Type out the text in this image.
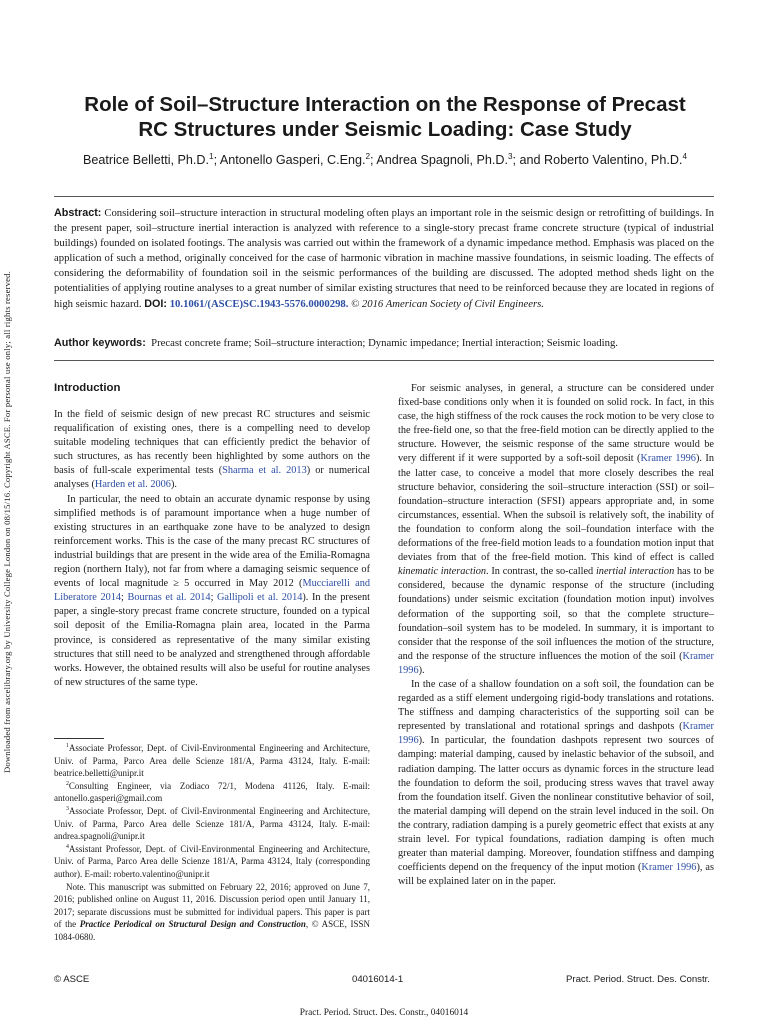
Downloaded from ascelibrary.org by University College London on 08/15/16. Copyright ASCE. For personal use only; all rights reserved.
Role of Soil–Structure Interaction on the Response of Precast
RC Structures under Seismic Loading: Case Study
Beatrice Belletti, Ph.D.$^1$; Antonello Gasperi, C.Eng.$^2$; Andrea Spagnoli, Ph.D.$^3$; and Roberto Valentino, Ph.D.$^4$
Abstract: Considering soil–structure interaction in structural modeling often plays an important role in the seismic design or retrofitting of buildings. In the present paper, soil–structure inertial interaction is analyzed with reference to a single-story precast frame concrete structure (typical of industrial buildings) founded on isolated footings. The analysis was carried out within the framework of a dynamic impedance method. Emphasis was placed on the application of such a method, originally conceived for the case of harmonic vibration in machine massive foundations, in seismic loading. The effects of considering the deformability of foundation soil in the seismic performances of the building are discussed. The adopted method sheds light on the potentialities of applying routine analyses to a great number of similar existing structures that need to be reinforced because they are located in regions of high seismic hazard. DOI: 10.1061/(ASCE)SC.1943-5576.0000298. © 2016 American Society of Civil Engineers.
Author keywords: Precast concrete frame; Soil–structure interaction; Dynamic impedance; Inertial interaction; Seismic loading.
Introduction

In the field of seismic design of new precast RC structures and seismic requalification of existing ones, there is a compelling need to develop suitable modeling techniques that can efficiently predict the behavior of such structures, as has recently been highlighted by some authors on the basis of full-scale experimental tests (Sharma et al. 2013) or numerical analyses (Harden et al. 2006).

In particular, the need to obtain an accurate dynamic response by using simplified methods is of paramount importance when a huge number of existing structures in an earthquake zone have to be analyzed to design reinforcement works. This is the case of the many precast RC structures of industrial buildings that are present in the wide area of the Emilia-Romagna region (northern Italy), not far from where a damaging seismic sequence of events of local magnitude ≥ 5 occurred in May 2012 (Mucciarelli and Liberatore 2014; Bournas et al. 2014; Gallipoli et al. 2014). In the present paper, a single-story precast frame concrete structure, founded on a typical soil deposit of the Emilia-Romagna plain area, located in the Parma province, is considered as representative of the many similar existing structures that still need to be analyzed and strengthened through affordable works. However, the obtained results will also be useful for routine analyses of new structures of the same type.

$^1$Associate Professor, Dept. of Civil-Environmental Engineering and Architecture, Univ. of Parma, Parco Area delle Scienze 181/A, Parma 43124, Italy. E-mail: beatrice.belletti@unipr.it

$^2$Consulting Engineer, via Zodiaco 72/1, Modena 41126, Italy. E-mail: antonello.gasperi@gmail.com

$^3$Associate Professor, Dept. of Civil-Environmental Engineering and Architecture, Univ. of Parma, Parco Area delle Scienze 181/A, Parma 43124, Italy. E-mail: andrea.spagnoli@unipr.it

$^4$Assistant Professor, Dept. of Civil-Environmental Engineering and Architecture, Univ. of Parma, Parco Area delle Scienze 181/A, Parma 43124, Italy (corresponding author). E-mail: roberto.valentino@unipr.it

Note. This manuscript was submitted on February 22, 2016; approved on June 7, 2016; published online on August 11, 2016. Discussion period open until January 11, 2017; separate discussions must be submitted for individual papers. This paper is part of the Practice Periodical on Structural Design and Construction, © ASCE, ISSN 1084-0680.

For seismic analyses, in general, a structure can be considered under fixed-base conditions only when it is founded on solid rock. In fact, in this case, the high stiffness of the rock causes the rock motion to be very close to the free-field one, so that the free-field motion can be directly applied to the structure. However, the seismic response of the same structure would be very different if it were supported by a soft-soil deposit (Kramer 1996). In the latter case, to conceive a model that more closely describes the real structure behavior, considering the soil–structure interaction (SSI) or soil–foundation–structure interaction (SFSI) appears appropriate and, in some circumstances, essential. When the subsoil is relatively soft, the inability of the foundation to conform along the soil–foundation interface with the deformations of the free-field motion leads to a foundation motion input that deviates from that of the free-field motion. This kind of effect is called kinematic interaction. In contrast, the so-called inertial interaction has to be considered, because the dynamic response of the structure (including foundations) under seismic excitation (foundation motion input) involves deformation of the supporting soil, so that the complete structure–foundation–soil system has to be modeled. In summary, it is important to consider that the response of the soil influences the motion of the structure, and the response of the structure influences the motion of the soil (Kramer 1996).

In the case of a shallow foundation on a soft soil, the foundation can be regarded as a stiff element undergoing rigid-body translations and rotations. The stiffness and damping characteristics of the supporting soil can be represented by translational and rotational springs and dashpots (Kramer 1996). In particular, the foundation dashpots represent two sources of damping: material damping, caused by inelastic behavior of the subsoil, and radiation damping. The latter occurs as dynamic forces in the structure lead the foundation to deform the soil, producing stress waves that travel away from the foundation itself. Given the nonlinear constitutive behavior of soil, the material damping will depend on the strain level induced in the soil. On the contrary, radiation damping is a purely geometric effect that exists at any strain level. For typical foundations, radiation damping is often much greater than material damping. Moreover, foundation stiffness and damping coefficients depend on the frequency of the input motion (Kramer 1996), as will be explained later on in the paper.

© ASCE	04016014-1	Pract. Period. Struct. Des. Constr.
Pract. Period. Struct. Des. Constr., 04016014
